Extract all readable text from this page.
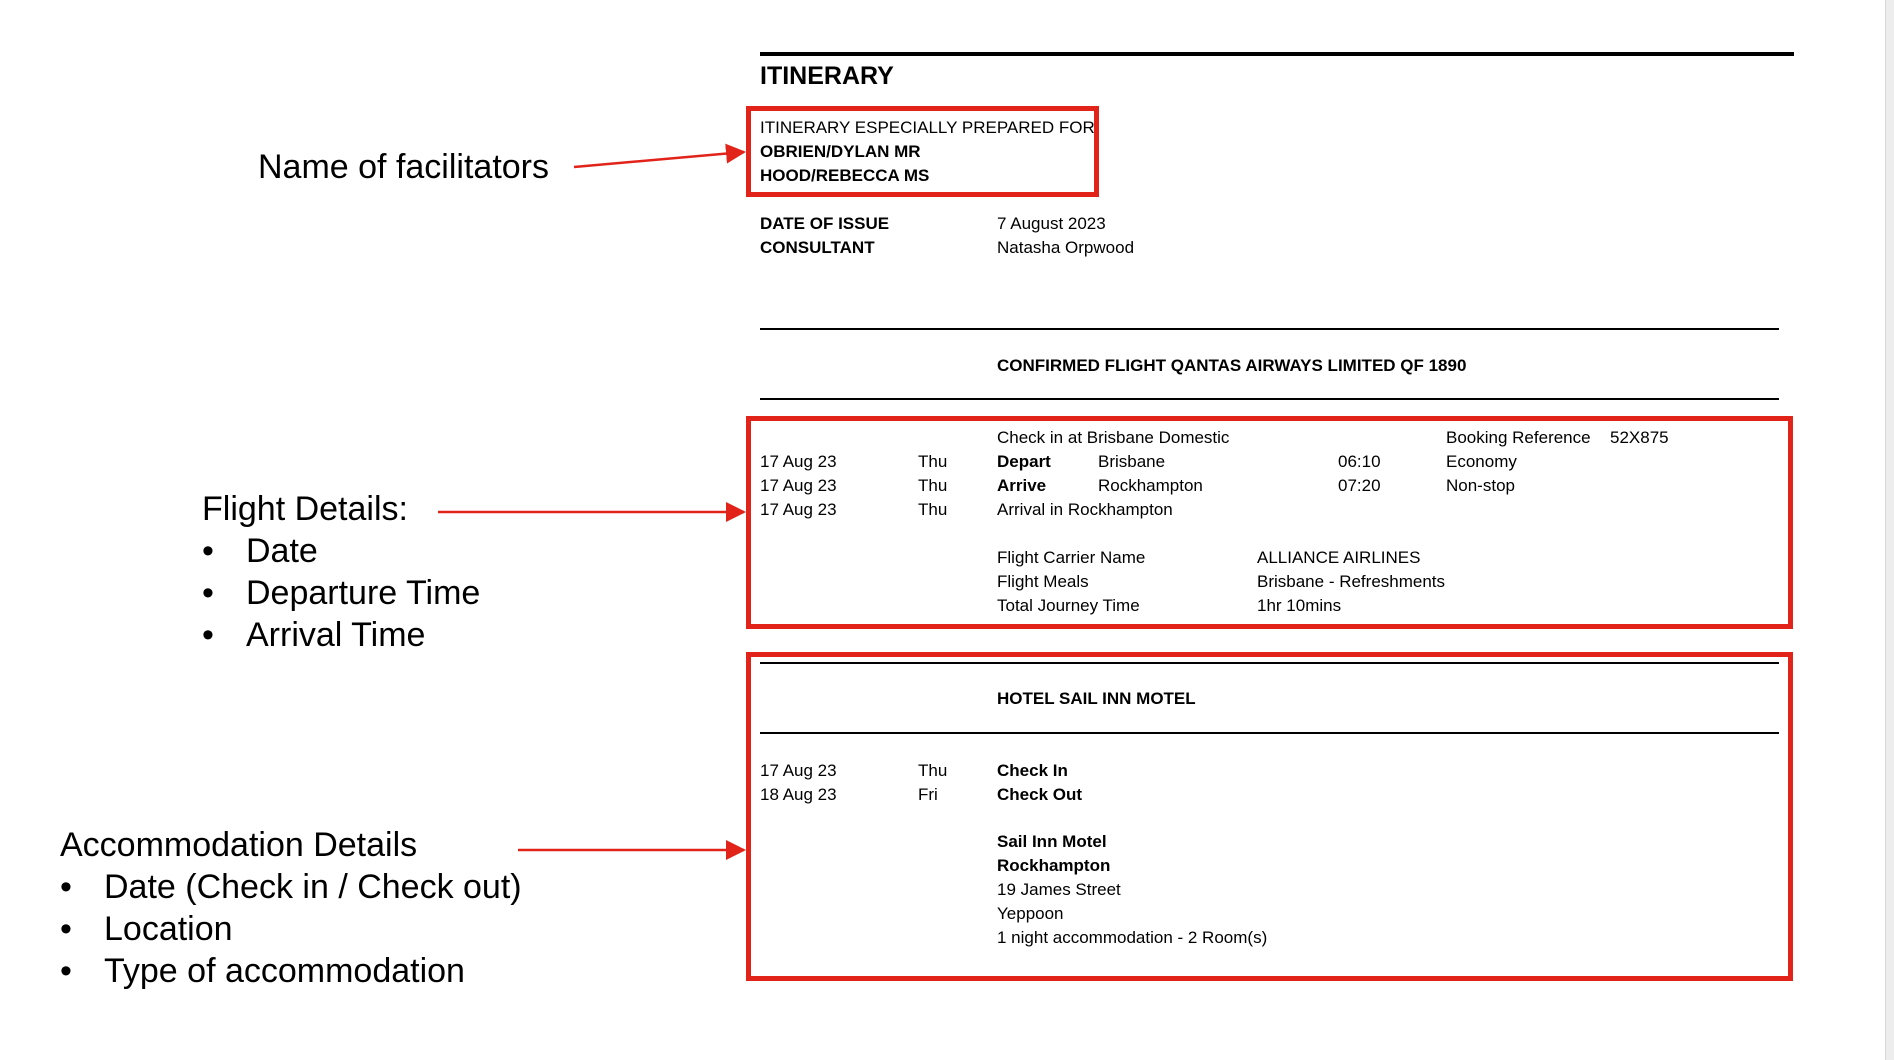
ITINERARY
ITINERARY ESPECIALLY PREPARED FOR
OBRIEN/DYLAN MR
HOOD/REBECCA MS
DATE OF ISSUE	7 August 2023
CONSULTANT	Natasha Orpwood
CONFIRMED FLIGHT QANTAS AIRWAYS LIMITED QF 1890
Check in at Brisbane Domestic	Booking Reference 52X875
17 Aug 23	Thu	Depart	Brisbane	06:10	Economy
17 Aug 23	Thu	Arrive	Rockhampton	07:20	Non-stop
17 Aug 23	Thu	Arrival in Rockhampton
Flight Carrier Name	ALLIANCE AIRLINES
Flight Meals	Brisbane - Refreshments
Total Journey Time	1hr 10mins
HOTEL SAIL INN MOTEL
17 Aug 23	Thu	Check In
18 Aug 23	Fri	Check Out
Sail Inn Motel
Rockhampton
19 James Street
Yeppoon
1 night accommodation - 2 Room(s)
Name of facilitators
Flight Details:
• Date
• Departure Time
• Arrival Time
Accommodation Details
• Date (Check in / Check out)
• Location
• Type of accommodation
